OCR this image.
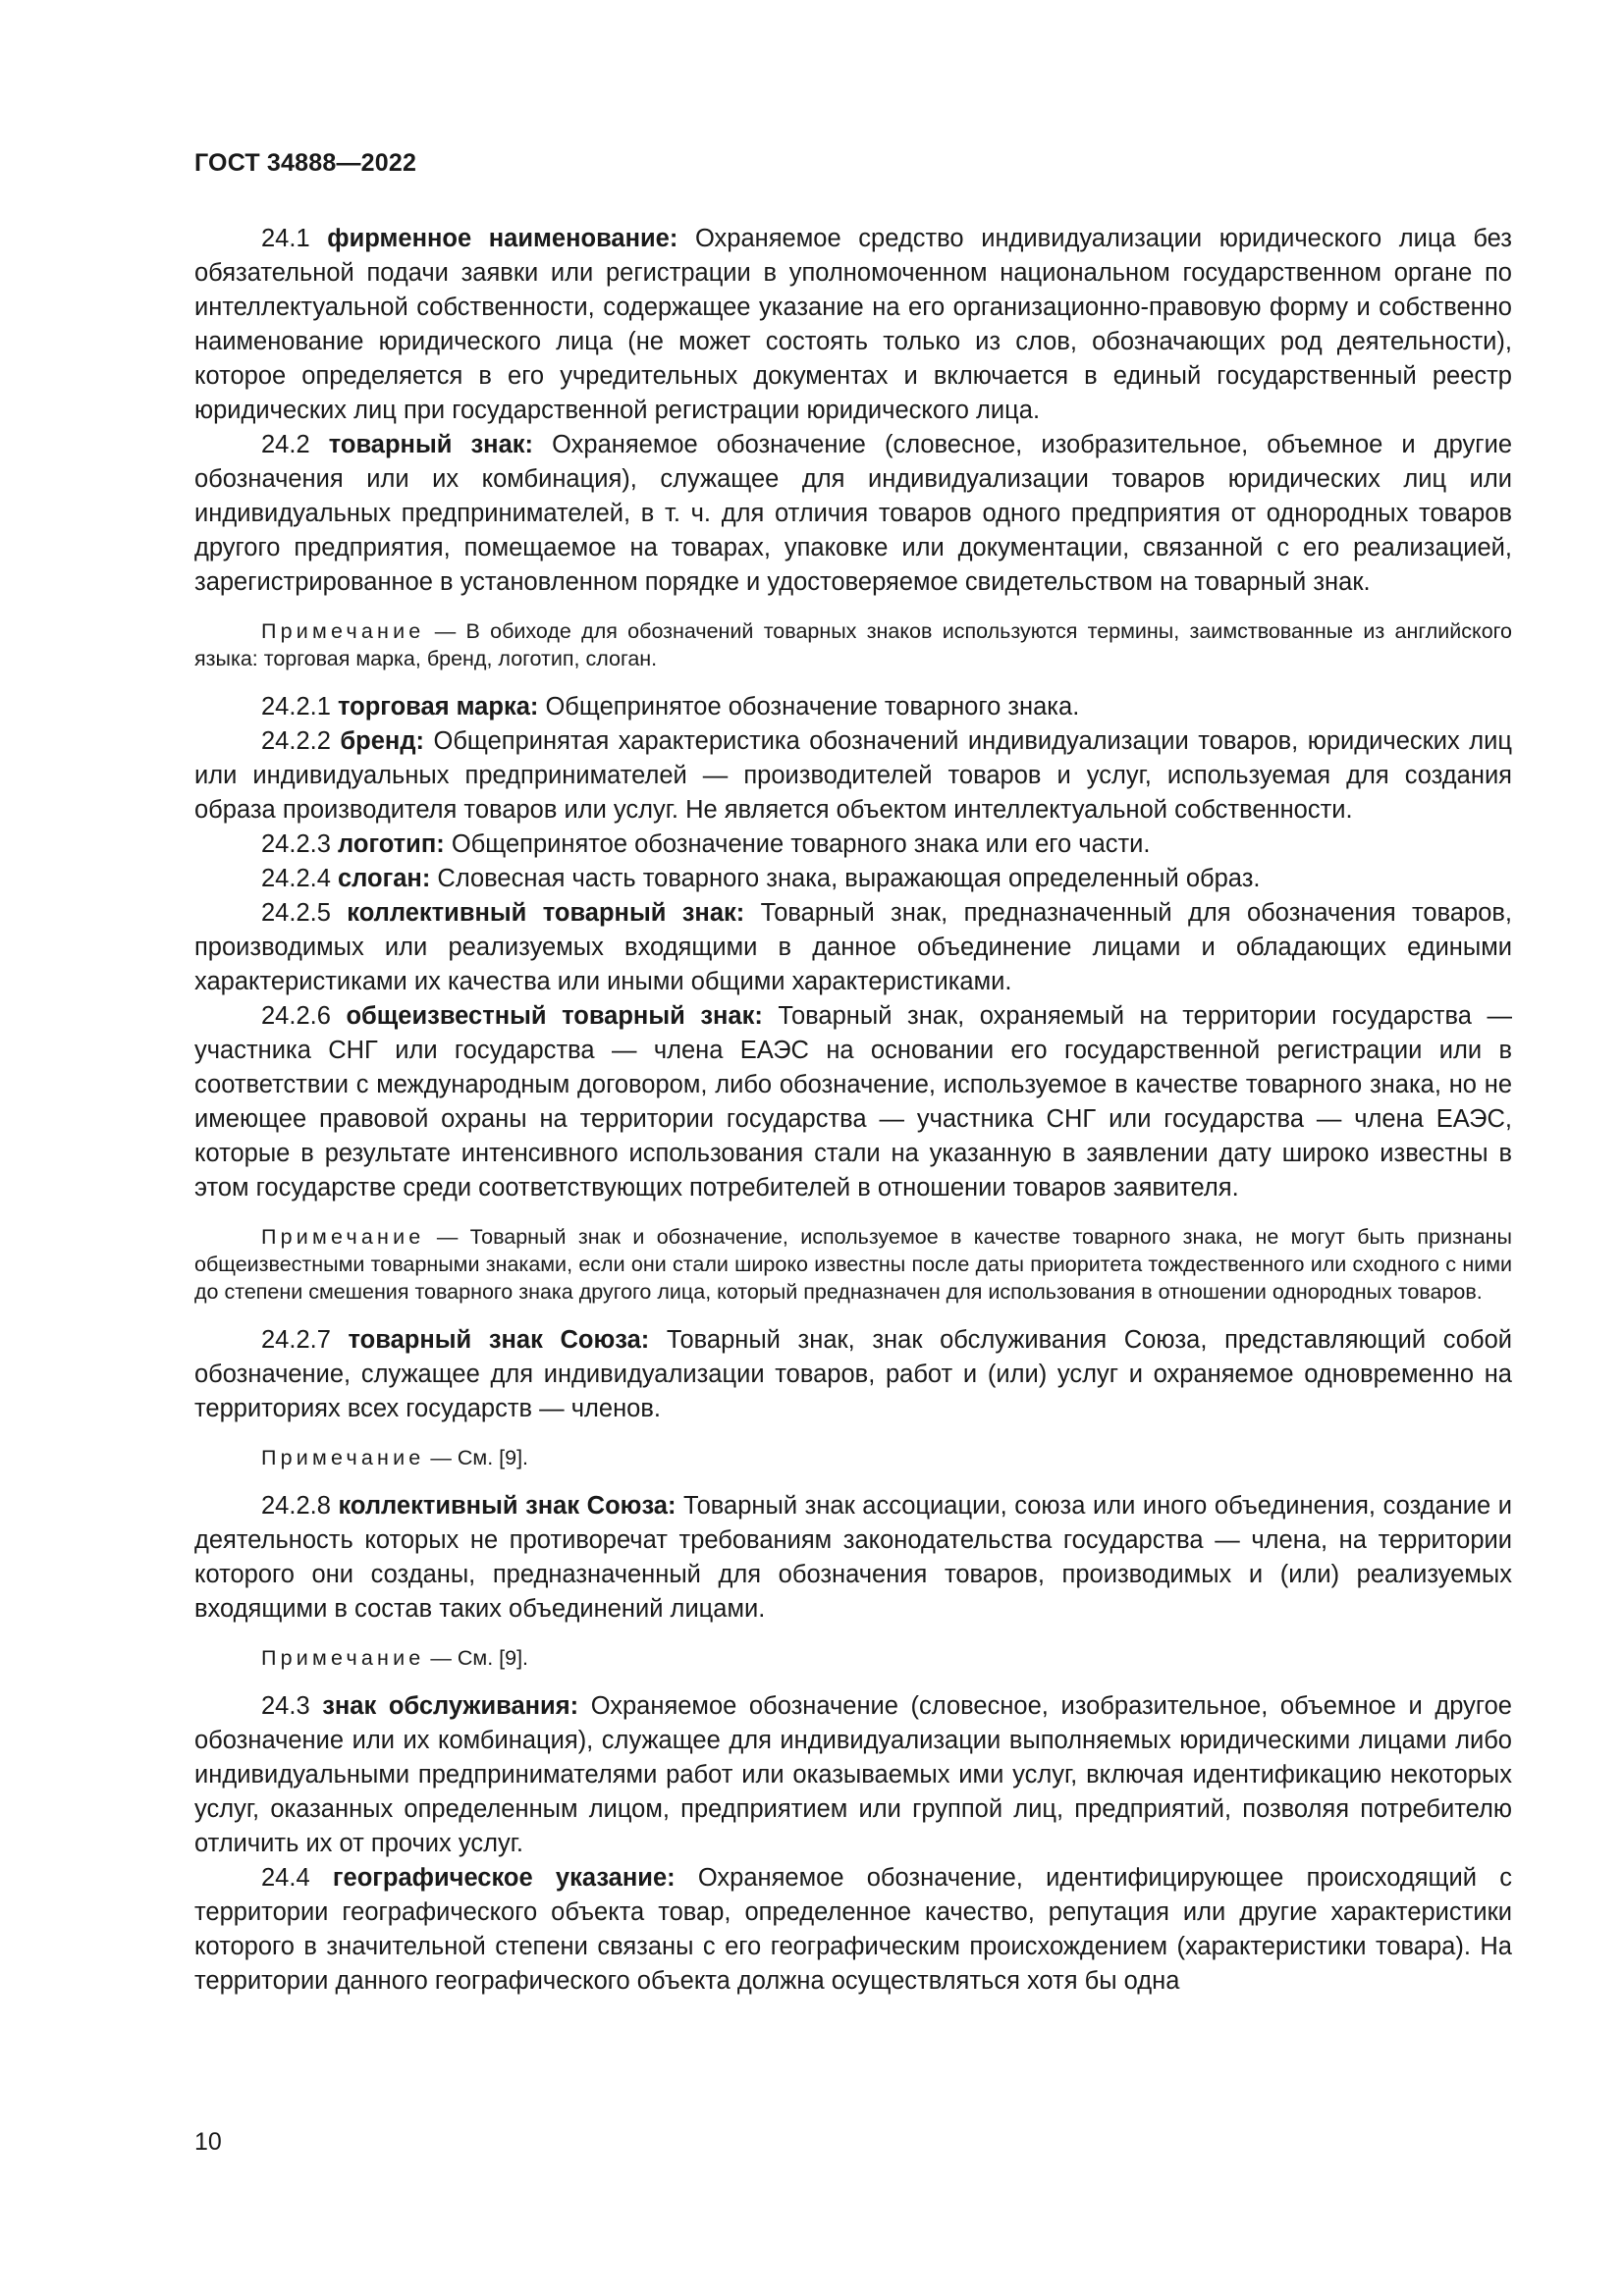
ГОСТ 34888—2022

24.1 фирменное наименование: Охраняемое средство индивидуализации юридического лица без обязательной подачи заявки или регистрации в уполномоченном национальном государственном органе по интеллектуальной собственности, содержащее указание на его организационно-правовую форму и собственно наименование юридического лица (не может состоять только из слов, обозначающих род деятельности), которое определяется в его учредительных документах и включается в единый государственный реестр юридических лиц при государственной регистрации юридического лица.

24.2 товарный знак: Охраняемое обозначение (словесное, изобразительное, объемное и другие обозначения или их комбинация), служащее для индивидуализации товаров юридических лиц или индивидуальных предпринимателей, в т. ч. для отличия товаров одного предприятия от однородных товаров другого предприятия, помещаемое на товарах, упаковке или документации, связанной с его реализацией, зарегистрированное в установленном порядке и удостоверяемое свидетельством на товарный знак.

Примечание — В обиходе для обозначений товарных знаков используются термины, заимствованные из английского языка: торговая марка, бренд, логотип, слоган.

24.2.1 торговая марка: Общепринятое обозначение товарного знака.

24.2.2 бренд: Общепринятая характеристика обозначений индивидуализации товаров, юридических лиц или индивидуальных предпринимателей — производителей товаров и услуг, используемая для создания образа производителя товаров или услуг. Не является объектом интеллектуальной собственности.

24.2.3 логотип: Общепринятое обозначение товарного знака или его части.

24.2.4 слоган: Словесная часть товарного знака, выражающая определенный образ.

24.2.5 коллективный товарный знак: Товарный знак, предназначенный для обозначения товаров, производимых или реализуемых входящими в данное объединение лицами и обладающих едиными характеристиками их качества или иными общими характеристиками.

24.2.6 общеизвестный товарный знак: Товарный знак, охраняемый на территории государства — участника СНГ или государства — члена ЕАЭС на основании его государственной регистрации или в соответствии с международным договором, либо обозначение, используемое в качестве товарного знака, но не имеющее правовой охраны на территории государства — участника СНГ или государства — члена ЕАЭС, которые в результате интенсивного использования стали на указанную в заявлении дату широко известны в этом государстве среди соответствующих потребителей в отношении товаров заявителя.

Примечание — Товарный знак и обозначение, используемое в качестве товарного знака, не могут быть признаны общеизвестными товарными знаками, если они стали широко известны после даты приоритета тождественного или сходного с ними до степени смешения товарного знака другого лица, который предназначен для использования в отношении однородных товаров.

24.2.7 товарный знак Союза: Товарный знак, знак обслуживания Союза, представляющий собой обозначение, служащее для индивидуализации товаров, работ и (или) услуг и охраняемое одновременно на территориях всех государств — членов.

Примечание — См. [9].

24.2.8 коллективный знак Союза: Товарный знак ассоциации, союза или иного объединения, создание и деятельность которых не противоречат требованиям законодательства государства — члена, на территории которого они созданы, предназначенный для обозначения товаров, производимых и (или) реализуемых входящими в состав таких объединений лицами.

Примечание — См. [9].

24.3 знак обслуживания: Охраняемое обозначение (словесное, изобразительное, объемное и другое обозначение или их комбинация), служащее для индивидуализации выполняемых юридическими лицами либо индивидуальными предпринимателями работ или оказываемых ими услуг, включая идентификацию некоторых услуг, оказанных определенным лицом, предприятием или группой лиц, предприятий, позволяя потребителю отличить их от прочих услуг.

24.4 географическое указание: Охраняемое обозначение, идентифицирующее происходящий с территории географического объекта товар, определенное качество, репутация или другие характеристики которого в значительной степени связаны с его географическим происхождением (характеристики товара). На территории данного географического объекта должна осуществляться хотя бы одна

10
